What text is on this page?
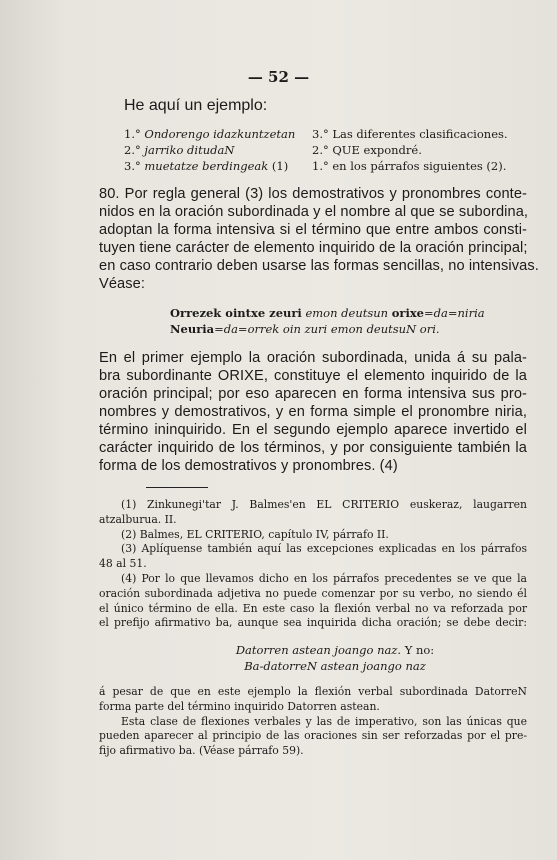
— 52 —
He aquí un ejemplo:
1.° Ondorengo idazkuntzetan
2.° jarriko ditudaN
3.° muetatze berdingeak (1)
3.° Las diferentes clasificaciones.
2.° QUE expondré.
1.° en los párrafos siguientes (2).
80. Por regla general (3) los demostrativos y pronombres conte-
nidos en la oración subordinada y el nombre al que se subordina,
adoptan la forma intensiva si el término que entre ambos consti-
tuyen tiene carácter de elemento inquirido de la oración principal;
en caso contrario deben usarse las formas sencillas, no intensivas.
Véase:
Orrezek ointxe zeuri emon deutsun orixe=da=niria
Neuria=da=orrek oin zuri emon deutsuN ori.
En el primer ejemplo la oración subordinada, unida á su pala-
bra subordinante ORIXE, constituye el elemento inquirido de la
oración principal; por eso aparecen en forma intensiva sus pro-
nombres y demostrativos, y en forma simple el pronombre niria,
término ininquirido. En el segundo ejemplo aparece invertido el
carácter inquirido de los términos, y por consiguiente también la
forma de los demostrativos y pronombres. (4)
(1) Zinkunegi'tar J. Balmes'en EL CRITERIO euskeraz, laugarren
atzalburua. II.
(2) Balmes, EL CRITERIO, capítulo IV, párrafo II.
(3) Aplíquense también aquí las excepciones explicadas en los párrafos
48 al 51.
(4) Por lo que llevamos dicho en los párrafos precedentes se ve que la
oración subordinada adjetiva no puede comenzar por su verbo, no siendo él
el único término de ella. En este caso la flexión verbal no va reforzada por
el prefijo afirmativo ba, aunque sea inquirida dicha oración; se debe decir:
Datorren astean joango naz. Y no:
Ba-datorreN astean joango naz
á pesar de que en este ejemplo la flexión verbal subordinada DatorreN
forma parte del término inquirido Datorren astean.
Esta clase de flexiones verbales y las de imperativo, son las únicas que
pueden aparecer al principio de las oraciones sin ser reforzadas por el pre-
fijo afirmativo ba. (Véase párrafo 59).
